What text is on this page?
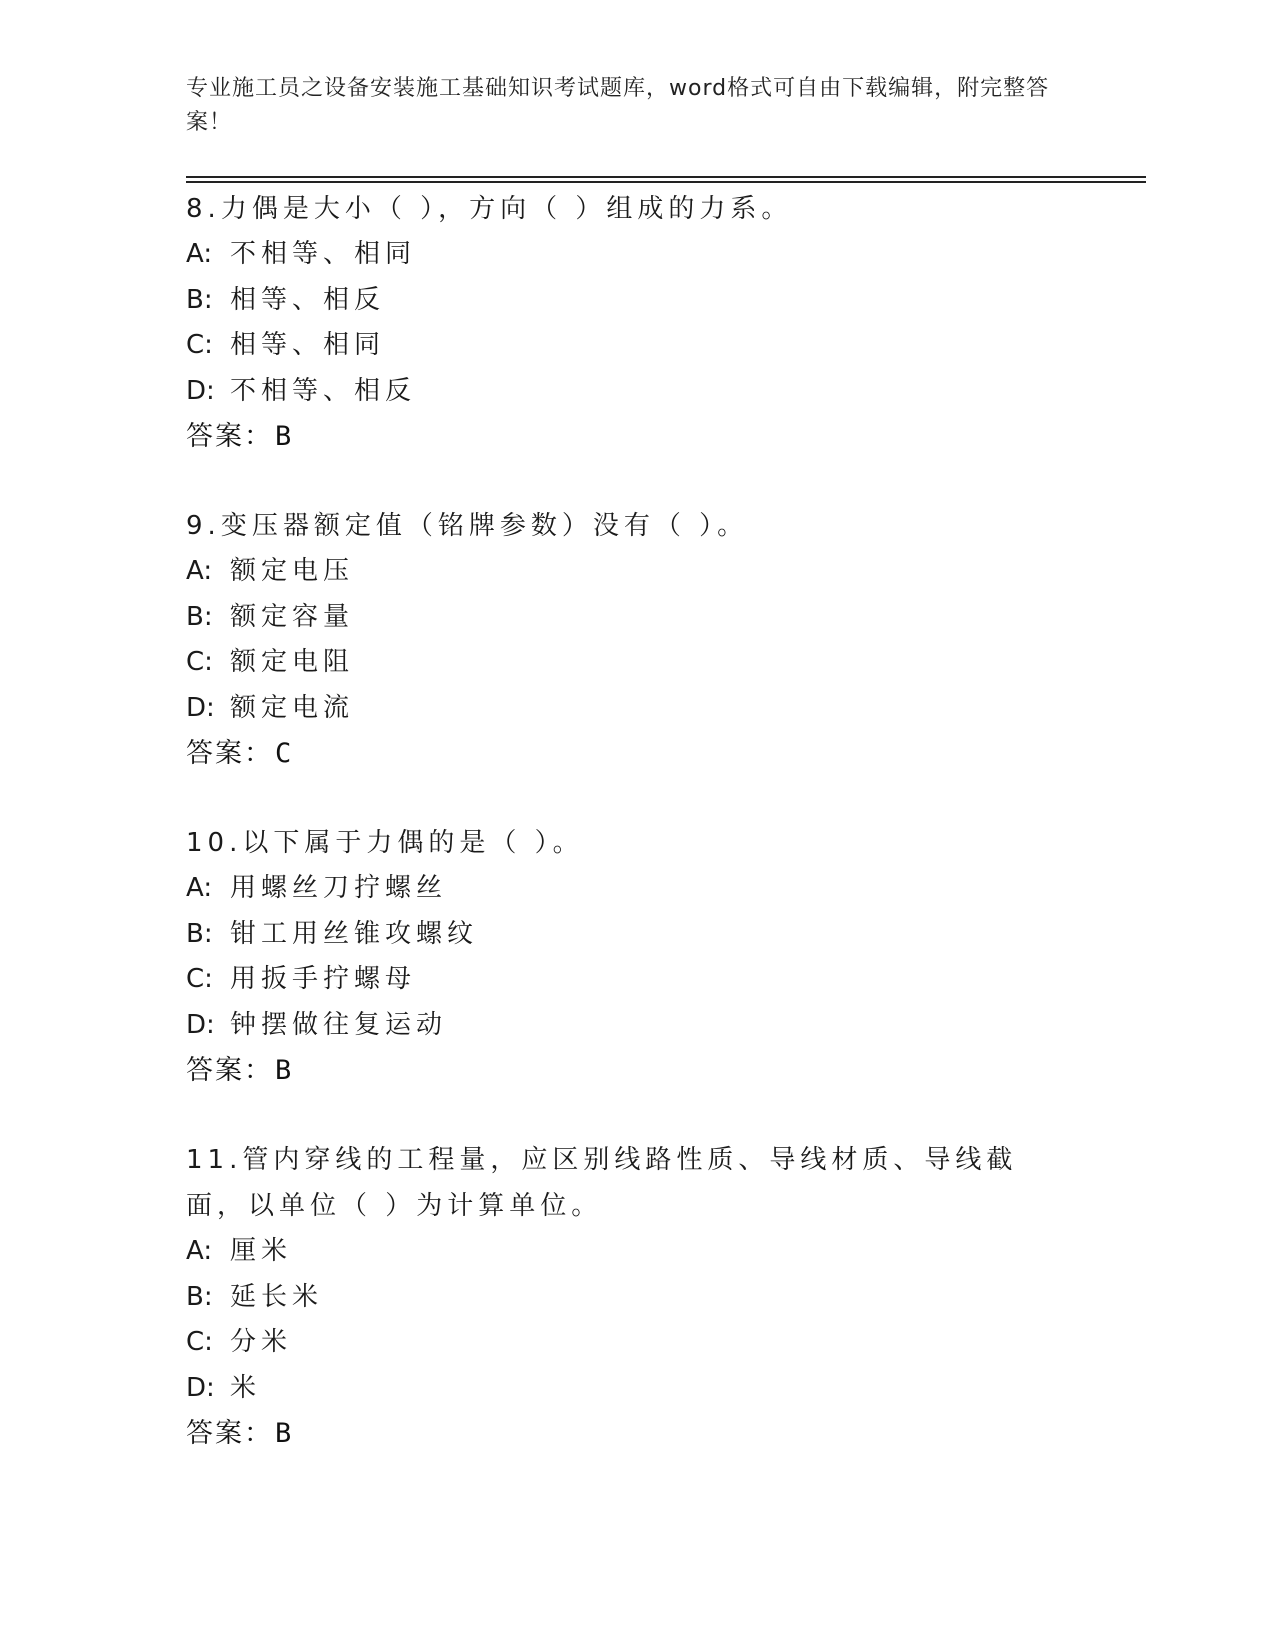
专业施工员之设备安装施工基础知识考试题库，word格式可自由下载编辑，附完整答案！

8.力偶是大小（ ），方向（ ）组成的力系。

A: 不相等、相同
B: 相等、相反
C: 相等、相同
D: 不相等、相反
答案：B

9.变压器额定值（铭牌参数）没有（ ）。

A: 额定电压
B: 额定容量
C: 额定电阻
D: 额定电流
答案：C

10.以下属于力偶的是（ ）。

A: 用螺丝刀拧螺丝
B: 钳工用丝锥攻螺纹
C: 用扳手拧螺母
D: 钟摆做往复运动
答案：B

11.管内穿线的工程量，应区别线路性质、导线材质、导线截面，以单位（ ）为计算单位。

A: 厘米
B: 延长米
C: 分米
D: 米
答案：B
